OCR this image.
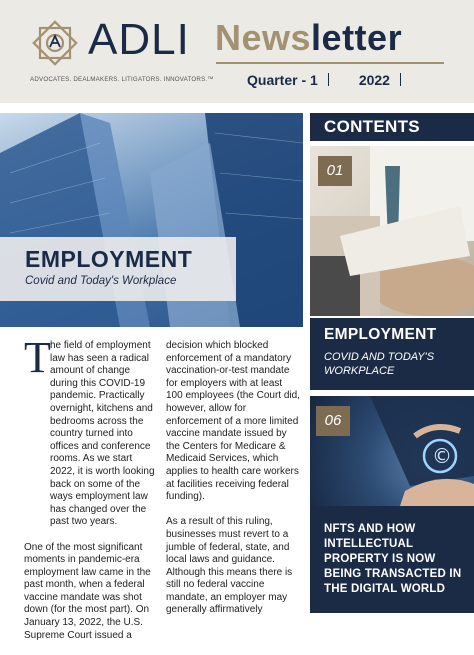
ADLI
ADVOCATES. DEALMAKERS. LITIGATORS. INNOVATORS.™
Newsletter
Quarter - 1	2022
EMPLOYMENT
Covid and Today's Workplace
T he field of employment law has seen a radical amount of change during this COVID-19 pandemic. Practically overnight, kitchens and bedrooms across the country turned into offices and conference rooms. As we start 2022, it is worth looking back on some of the ways employment law has changed over the past two years.

One of the most significant moments in pandemic-era employment law came in the past month, when a federal vaccine mandate was shot down (for the most part). On January 13, 2022, the U.S. Supreme Court issued a

decision which blocked enforcement of a mandatory vaccination-or-test mandate for employers with at least 100 employees (the Court did, however, allow for enforcement of a more limited vaccine mandate issued by the Centers for Medicare & Medicaid Services, which applies to health care workers at facilities receiving federal funding).

As a result of this ruling, businesses must revert to a jumble of federal, state, and local laws and guidance. Although this means there is still no federal vaccine mandate, an employer may generally affirmatively

CONTENTS
01
EMPLOYMENT
COVID AND TODAY'S WORKPLACE
©
06
NFTS AND HOW INTELLECTUAL PROPERTY IS NOW BEING TRANSACTED IN THE DIGITAL WORLD
